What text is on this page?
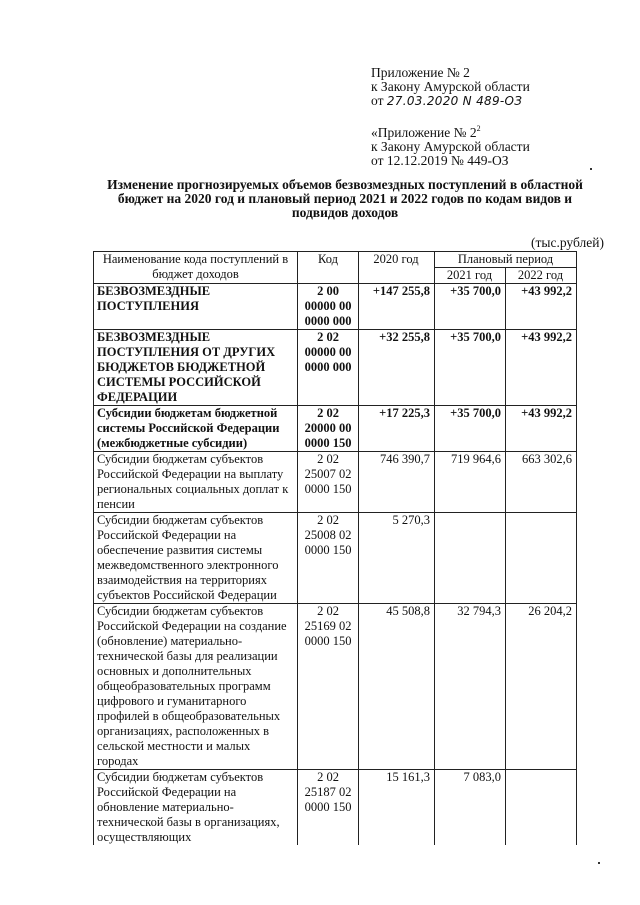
Приложение № 2
к Закону Амурской области
от 27.03.2020 N 489-ОЗ
«Приложение № $2^2$
к Закону Амурской области
от 12.12.2019 № 449-ОЗ
Изменение прогнозируемых объемов безвозмездных поступлений в областной бюджет на 2020 год и плановый период 2021 и 2022 годов по кодам видов и подвидов доходов
(тыс.рублей)
Наименование кода поступлений в бюджет доходов	Код	2020 год	Плановый период	
			2021 год	2022 год
БЕЗВОЗМЕЗДНЫЕ ПОСТУПЛЕНИЯ	2 00 00000 00 0000 000	+147 255,8	+35 700,0	+43 992,2
БЕЗВОЗМЕЗДНЫЕ ПОСТУПЛЕНИЯ ОТ ДРУГИХ БЮДЖЕТОВ БЮДЖЕТНОЙ СИСТЕМЫ РОССИЙСКОЙ ФЕДЕРАЦИИ	2 02 00000 00 0000 000	+32 255,8	+35 700,0	+43 992,2
Субсидии бюджетам бюджетной системы Российской Федерации (межбюджетные субсидии)	2 02 20000 00 0000 150	+17 225,3	+35 700,0	+43 992,2
Субсидии бюджетам субъектов Российской Федерации на выплату региональных социальных доплат к пенсии	2 02 25007 02 0000 150	746 390,7	719 964,6	663 302,6
Субсидии бюджетам субъектов Российской Федерации на обеспечение развития системы межведомственного электронного взаимодействия на территориях субъектов Российской Федерации	2 02 25008 02 0000 150	5 270,3		
Субсидии бюджетам субъектов Российской Федерации на создание (обновление) материально-технической базы для реализации основных и дополнительных общеобразовательных программ цифрового и гуманитарного профилей в общеобразовательных организациях, расположенных в сельской местности и малых городах	2 02 25169 02 0000 150	45 508,8	32 794,3	26 204,2
Субсидии бюджетам субъектов Российской Федерации на обновление материально-технической базы в организациях, осуществляющих	2 02 25187 02 0000 150	15 161,3	7 083,0	
